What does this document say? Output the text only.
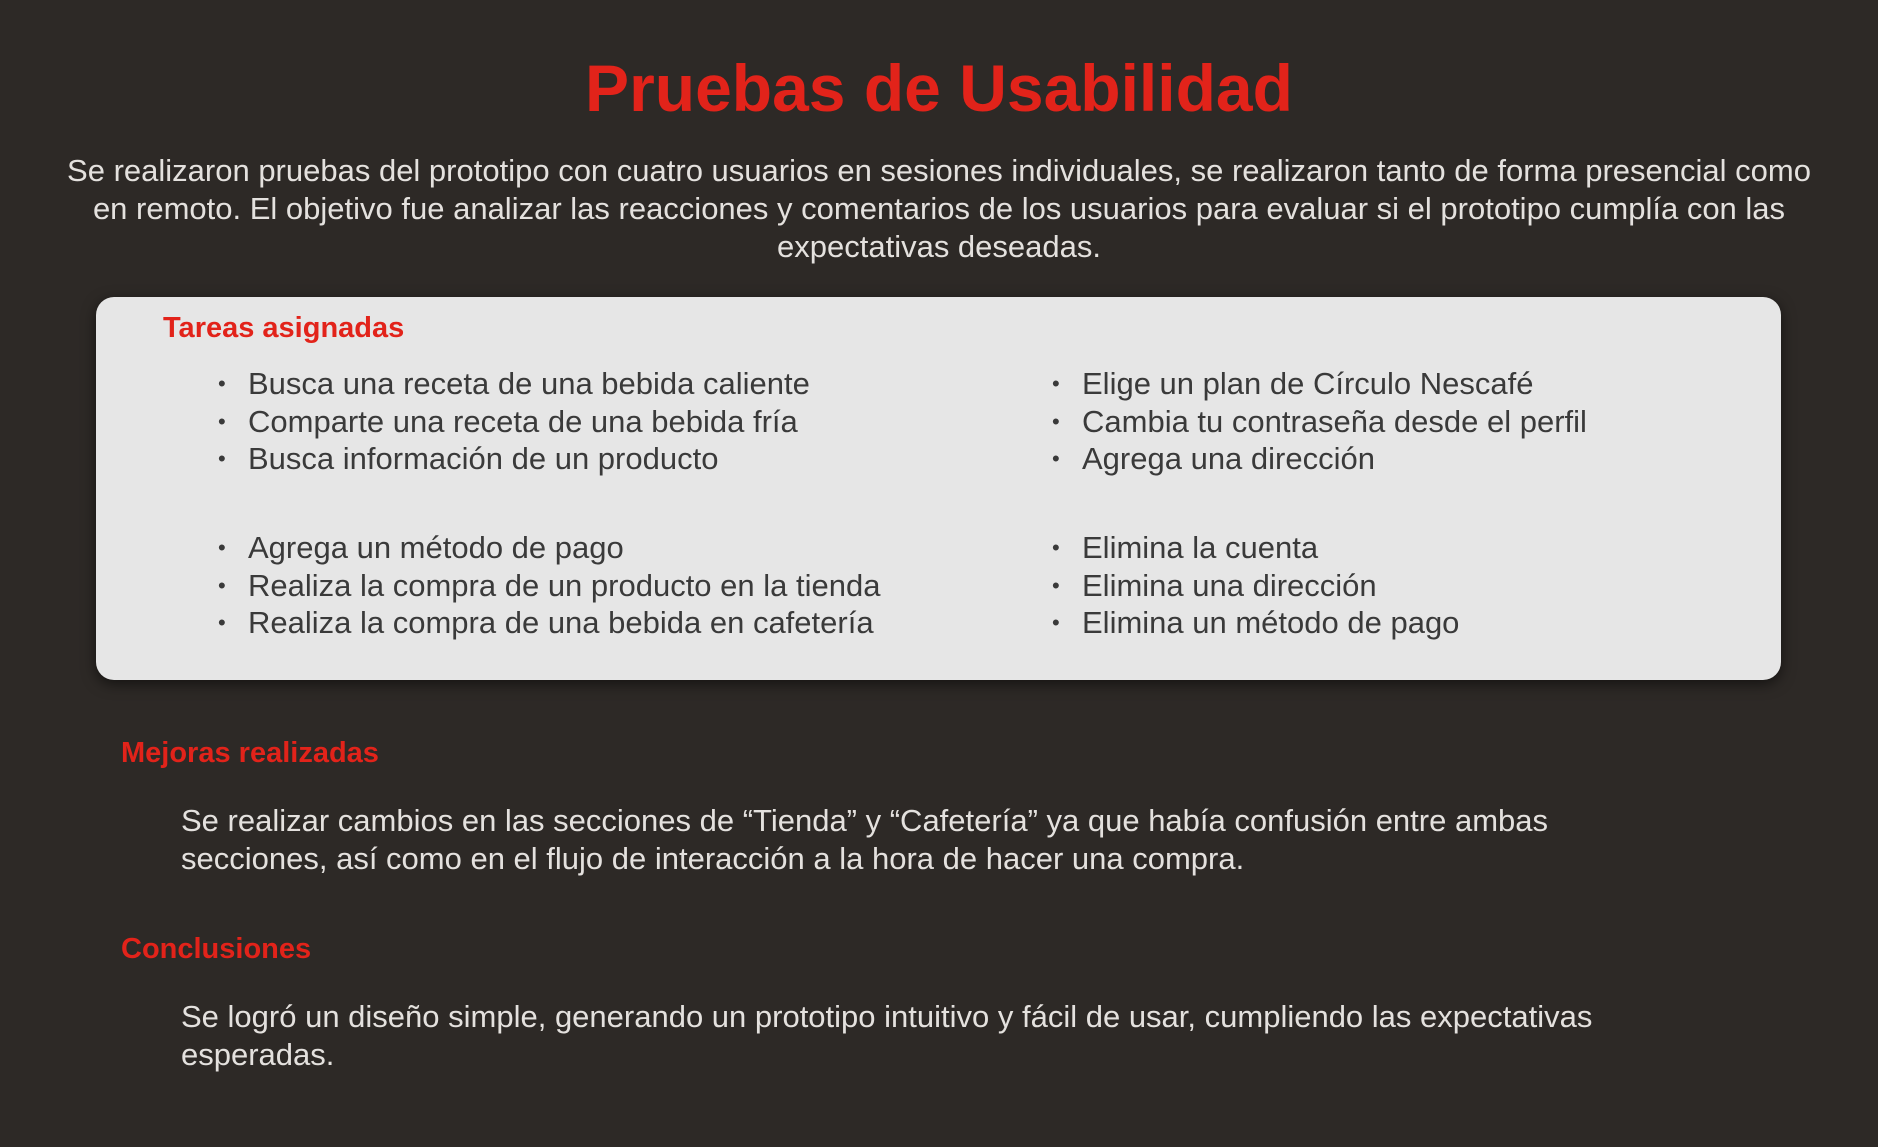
Pruebas de Usabilidad

Se realizaron pruebas del prototipo con cuatro usuarios en sesiones individuales, se realizaron tanto de forma presencial como en remoto. El objetivo fue analizar las reacciones y comentarios de los usuarios para evaluar si el prototipo cumplía con las expectativas deseadas.

Tareas asignadas
• Busca una receta de una bebida caliente
• Comparte una receta de una bebida fría
• Busca información de un producto
• Elige un plan de Círculo Nescafé
• Cambia tu contraseña desde el perfil
• Agrega una dirección
• Agrega un método de pago
• Realiza la compra de un producto en la tienda
• Realiza la compra de una bebida en cafetería
• Elimina la cuenta
• Elimina una dirección
• Elimina un método de pago
Mejoras realizadas

Se realizar cambios en las secciones de “Tienda” y “Cafetería” ya que había confusión entre ambas secciones, así como en el flujo de interacción a la hora de hacer una compra.

Conclusiones

Se logró un diseño simple, generando un prototipo intuitivo y fácil de usar, cumpliendo las expectativas esperadas.
